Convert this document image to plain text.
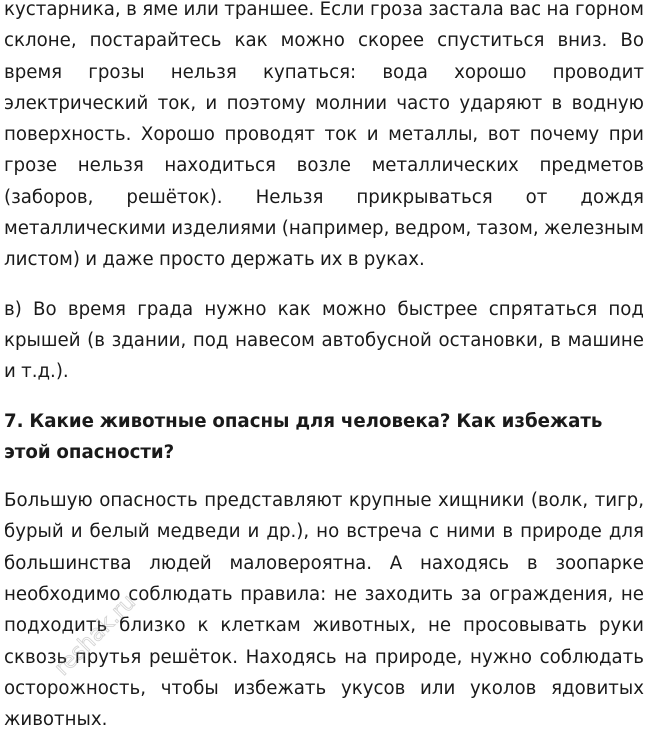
кустарника, в яме или траншее. Если гроза застала вас на горном склоне, постарайтесь как можно скорее спуститься вниз. Во время грозы нельзя купаться: вода хорошо проводит электрический ток, и поэтому молнии часто ударяют в водную поверхность. Хорошо проводят ток и металлы, вот почему при грозе нельзя находиться возле металлических предметов (заборов, решёток). Нельзя прикрываться от дождя металлическими изделиями (например, ведром, тазом, железным листом) и даже просто держать их в руках.

в) Во время града нужно как можно быстрее спрятаться под крышей (в здании, под навесом автобусной остановки, в машине и т.д.).

7. Какие животные опасны для человека? Как избежать этой опасности?

Большую опасность представляют крупные хищники (волк, тигр, бурый и белый медведи и др.), но встреча с ними в природе для большинства людей маловероятна. А находясь в зоопарке необходимо соблюдать правила: не заходить за ограждения, не подходить близко к клеткам животных, не просовывать руки сквозь прутья решёток. Находясь на природе, нужно соблюдать осторожность, чтобы избежать укусов или уколов ядовитых животных.

reshak.ru
